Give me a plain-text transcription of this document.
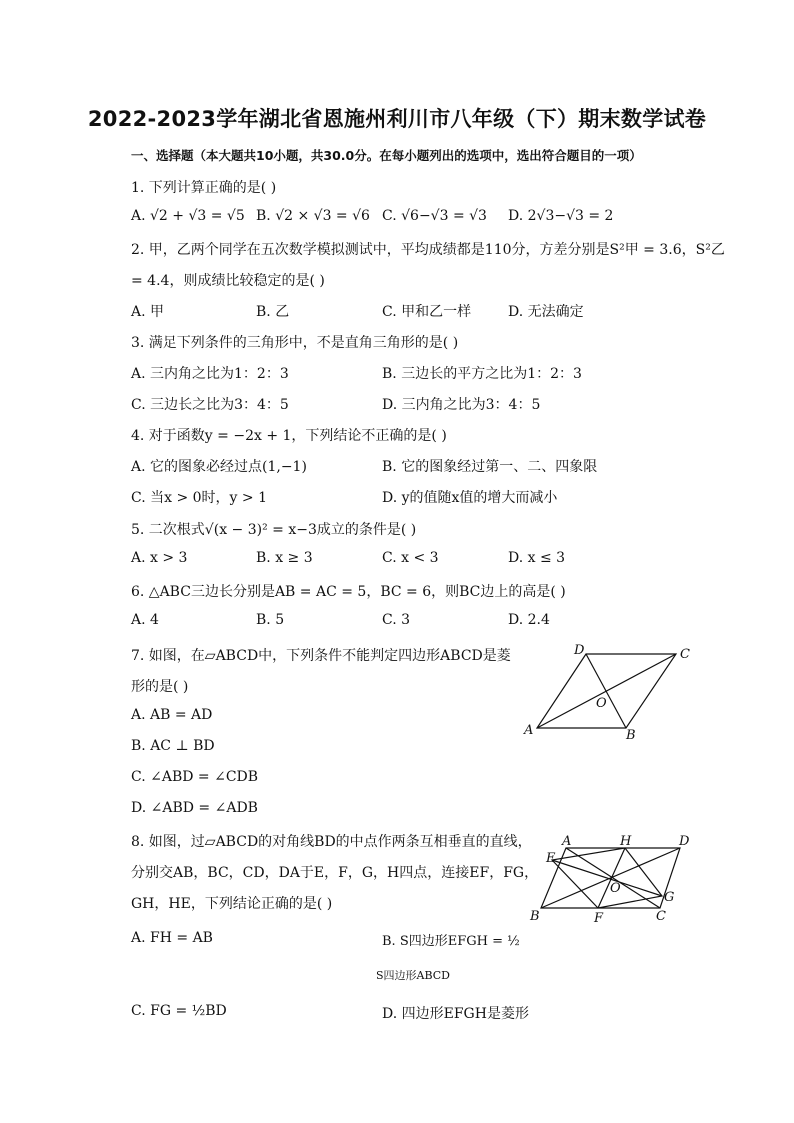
2022-2023学年湖北省恩施州利川市八年级（下）期末数学试卷
一、选择题（本大题共10小题，共30.0分。在每小题列出的选项中，选出符合题目的一项）
1. 下列计算正确的是( )
A. √2 + √3 = √5 B. √2 × √3 = √6 C. √6−√3 = √3 D. 2√3−√3 = 2
2. 甲，乙两个同学在五次数学模拟测试中，平均成绩都是110分，方差分别是S²甲 = 3.6，S²乙
= 4.4，则成绩比较稳定的是( )
A. 甲	B. 乙	C. 甲和乙一样	D. 无法确定
3. 满足下列条件的三角形中，不是直角三角形的是( )
A. 三内角之比为1：2：3	B. 三边长的平方之比为1：2：3
C. 三边长之比为3：4：5	D. 三内角之比为3：4：5
4. 对于函数y = −2x + 1，下列结论不正确的是( )
A. 它的图象必经过点(1,−1)	B. 它的图象经过第一、二、四象限
C. 当x > 0时，y > 1	D. y的值随x值的增大而减小
5. 二次根式√(x − 3)² = x−3成立的条件是( )
A. x > 3	B. x ≥ 3	C. x < 3	D. x ≤ 3
6. △ABC三边长分别是AB = AC = 5，BC = 6，则BC边上的高是( )
A. 4	B. 5	C. 3	D. 2.4
7. 如图，在▱ABCD中，下列条件不能判定四边形ABCD是菱
形的是( )
A. AB = AD
B. AC ⊥ BD
C. ∠ABD = ∠CDB
D. ∠ABD = ∠ADB
D	C
O
A	B
8. 如图，过▱ABCD的对角线BD的中点作两条互相垂直的直线，
分别交AB，BC，CD，DA于E，F，G，H四点，连接EF，FG，
GH，HE，下列结论正确的是( )
A. FH = AB	B. S四边形EFGH = ½
S四边形ABCD
C. FG = ½BD	D. 四边形EFGH是菱形
A	H	D
E
O
G
B	F	C
